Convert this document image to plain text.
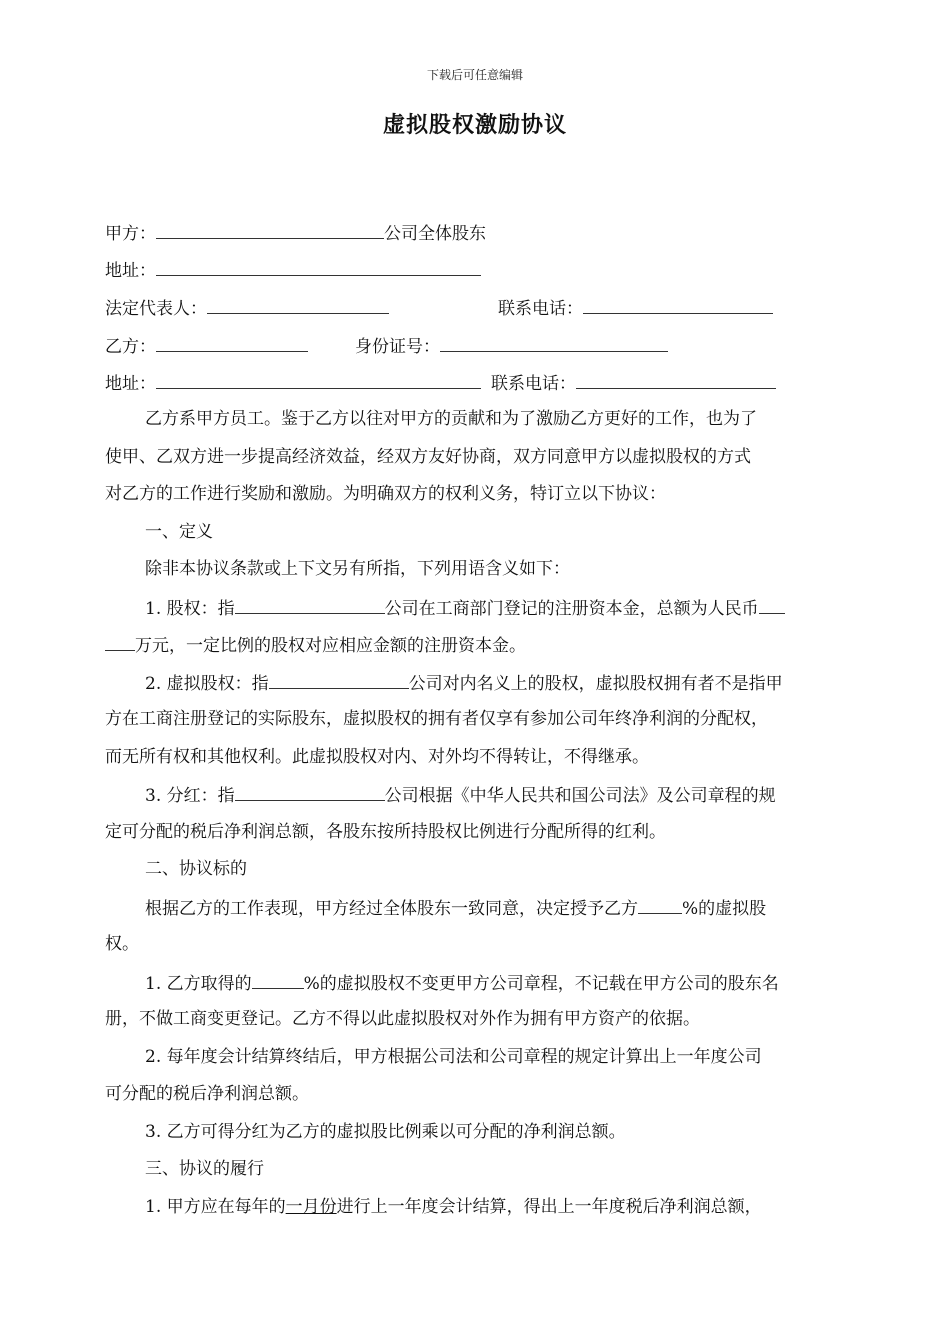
下载后可任意编辑
虚拟股权激励协议
甲方：	公司全体股东
地址：
法定代表人：	联系电话：
乙方：	身份证号：
地址：	联系电话：
乙方系甲方员工。鉴于乙方以往对甲方的贡献和为了激励乙方更好的工作，也为了
使甲、乙双方进一步提高经济效益，经双方友好协商，双方同意甲方以虚拟股权的方式
对乙方的工作进行奖励和激励。为明确双方的权利义务，特订立以下协议：
一、定义
除非本协议条款或上下文另有所指，下列用语含义如下：
1. 股权：指	公司在工商部门登记的注册资本金，总额为人民币
万元，一定比例的股权对应相应金额的注册资本金。
2. 虚拟股权：指	公司对内名义上的股权，虚拟股权拥有者不是指甲
方在工商注册登记的实际股东，虚拟股权的拥有者仅享有参加公司年终净利润的分配权，
而无所有权和其他权利。此虚拟股权对内、对外均不得转让，不得继承。
3. 分红：指	公司根据《中华人民共和国公司法》及公司章程的规
定可分配的税后净利润总额，各股东按所持股权比例进行分配所得的红利。
二、协议标的
根据乙方的工作表现，甲方经过全体股东一致同意，决定授予乙方	%的虚拟股
权。
1. 乙方取得的	%的虚拟股权不变更甲方公司章程，不记载在甲方公司的股东名
册，不做工商变更登记。乙方不得以此虚拟股权对外作为拥有甲方资产的依据。
2. 每年度会计结算终结后，甲方根据公司法和公司章程的规定计算出上一年度公司
可分配的税后净利润总额。
3. 乙方可得分红为乙方的虚拟股比例乘以可分配的净利润总额。
三、协议的履行
1. 甲方应在每年的一月份进行上一年度会计结算，得出上一年度税后净利润总额，
